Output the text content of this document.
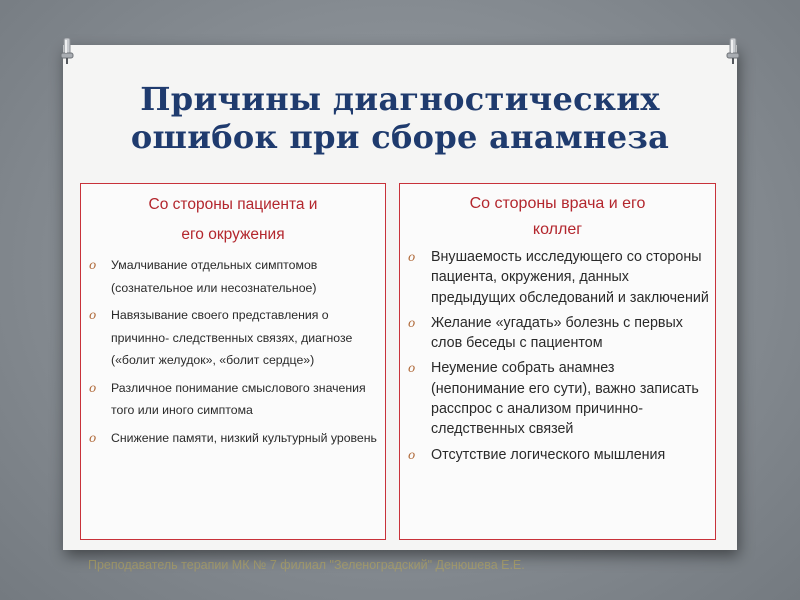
Причины диагностических
ошибок при сборе анамнеза
Со стороны пациента и
его окружения
o Умалчивание отдельных симптомов (сознательное или несознательное)
o Навязывание своего представления о причинно- следственных связях, диагнозе («болит желудок», «болит сердце»)
o Различное понимание смыслового значения того или иного симптома
o Снижение памяти, низкий культурный уровень
Со стороны врача и его
коллег
o Внушаемость исследующего со стороны пациента, окружения, данных предыдущих обследований и заключений
o Желание «угадать» болезнь с первых слов беседы с пациентом
o Неумение собрать анамнез (непонимание его сути), важно записать расспрос с анализом причинно-следственных связей
o Отсутствие логического мышления
Преподаватель терапии МК № 7 филиал "Зеленоградский" Денюшева Е.Е.
